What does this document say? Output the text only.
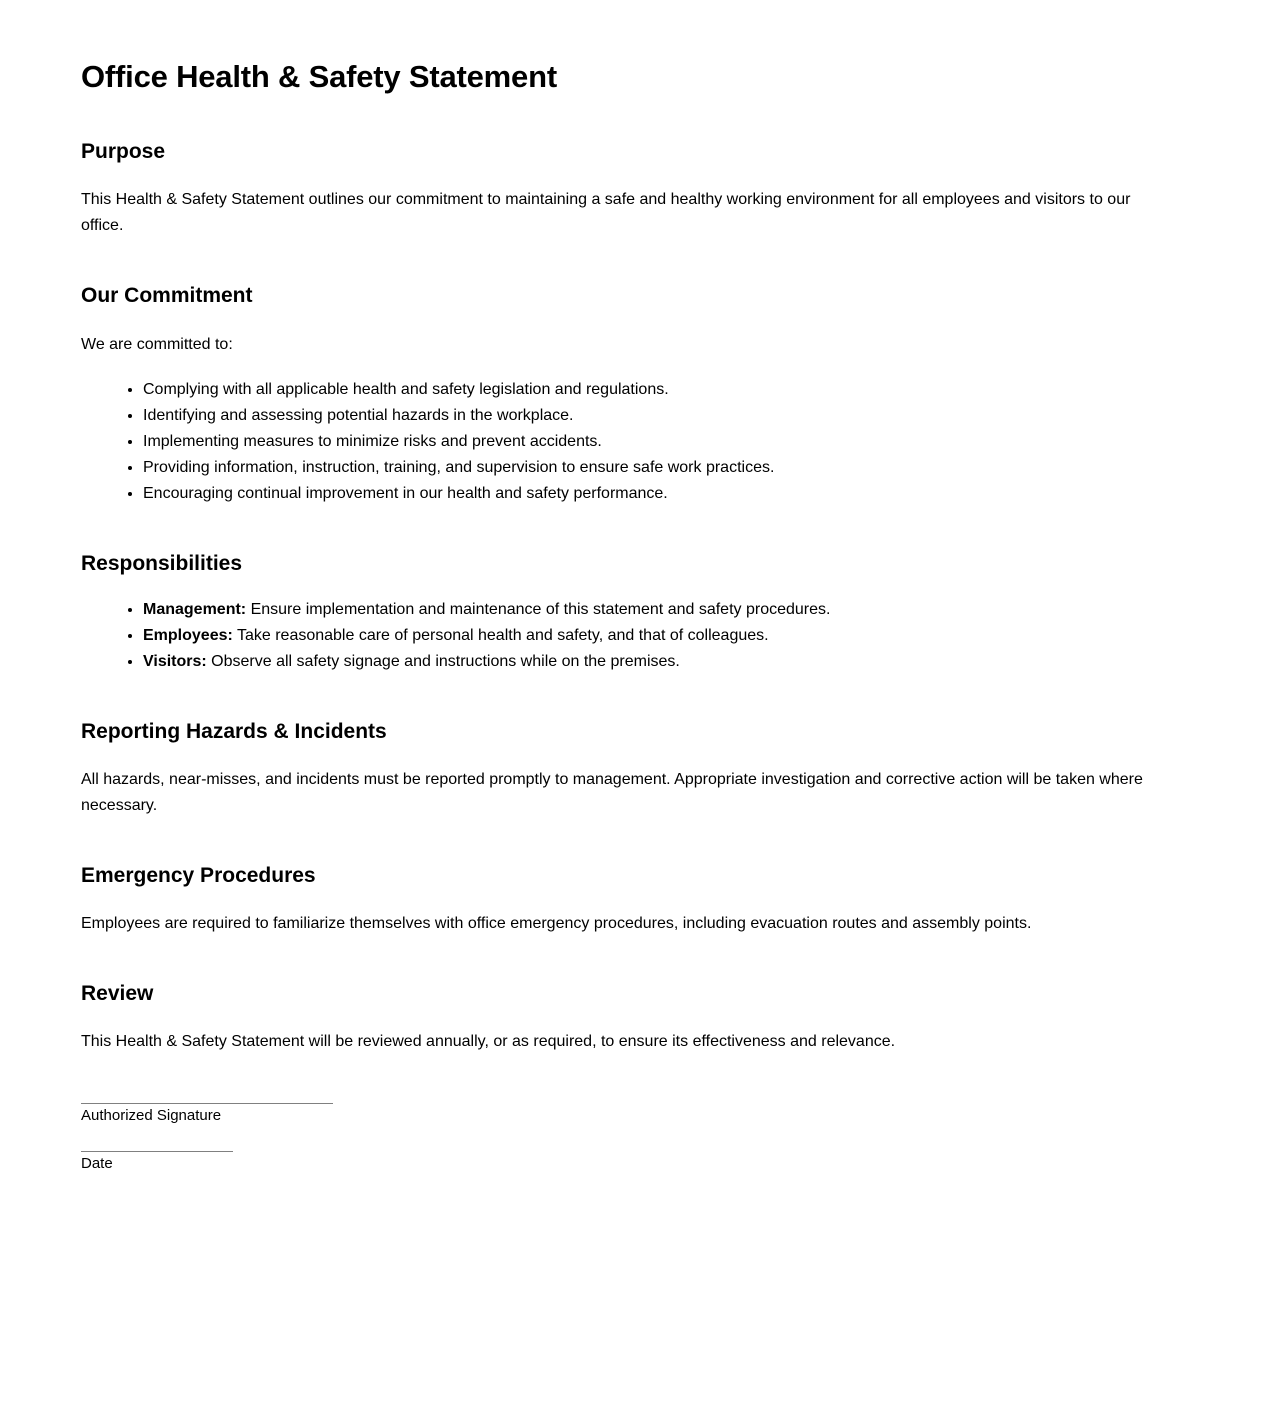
Office Health & Safety Statement
Purpose

This Health & Safety Statement outlines our commitment to maintaining a safe and healthy working environment for all employees and visitors to our office.

Our Commitment

We are committed to:

• Complying with all applicable health and safety legislation and regulations.
• Identifying and assessing potential hazards in the workplace.
• Implementing measures to minimize risks and prevent accidents.
• Providing information, instruction, training, and supervision to ensure safe work practices.
• Encouraging continual improvement in our health and safety performance.
Responsibilities
• Management: Ensure implementation and maintenance of this statement and safety procedures.
• Employees: Take reasonable care of personal health and safety, and that of colleagues.
• Visitors: Observe all safety signage and instructions while on the premises.
Reporting Hazards & Incidents

All hazards, near-misses, and incidents must be reported promptly to management. Appropriate investigation and corrective action will be taken where necessary.

Emergency Procedures

Employees are required to familiarize themselves with office emergency procedures, including evacuation routes and assembly points.

Review

This Health & Safety Statement will be reviewed annually, or as required, to ensure its effectiveness and relevance.

Authorized Signature
Date
